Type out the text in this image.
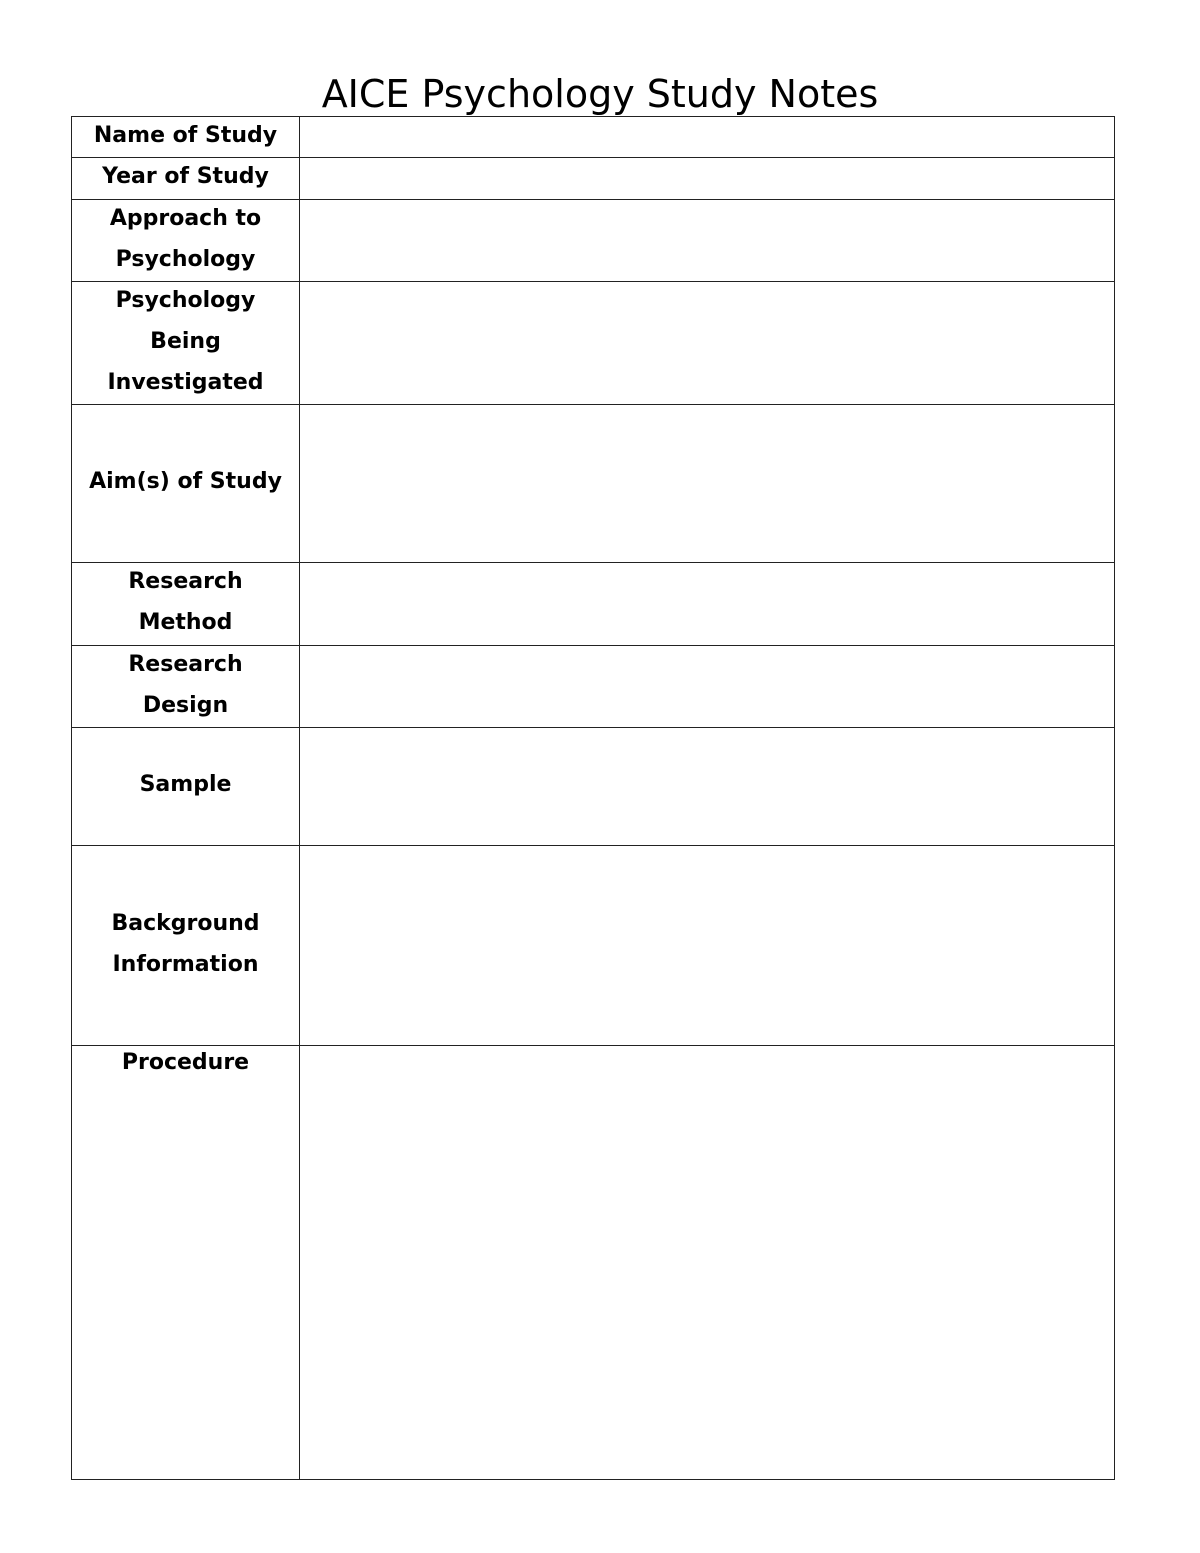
AICE Psychology Study Notes
Name of Study	

Year of Study	

Approach to Psychology	

Psychology Being Investigated	

Aim(s) of Study	

Research Method	

Research Design	

Sample	

Background Information	

Procedure	
